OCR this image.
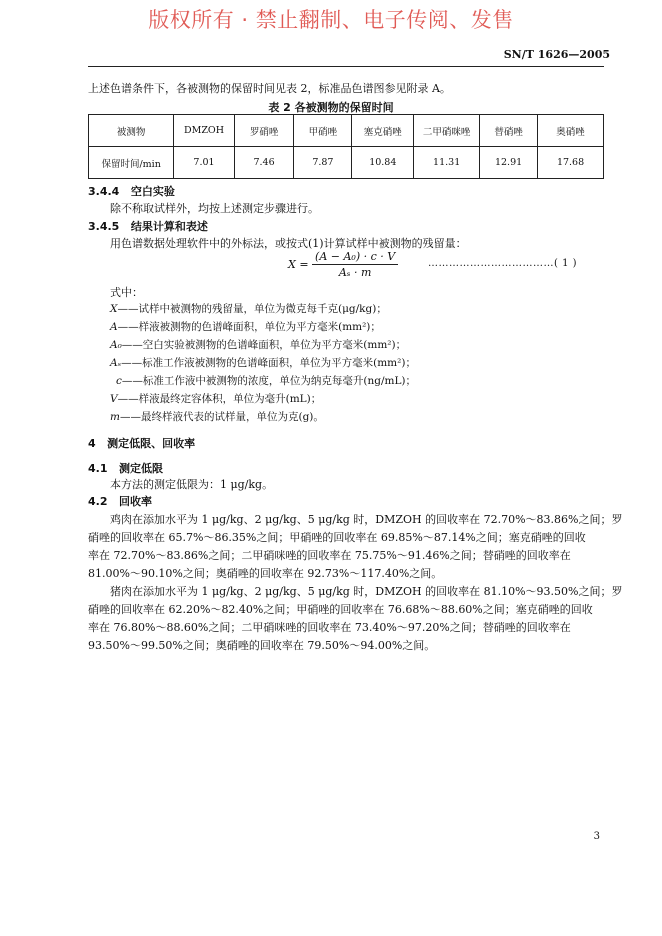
版权所有 · 禁止翻制、电子传阅、发售
SN/T 1626—2005
上述色谱条件下，各被测物的保留时间见表 2，标准品色谱图参见附录 A。
表 2 各被测物的保留时间
被测物	DMZOH	罗硝唑	甲硝唑	塞克硝唑	二甲硝咪唑	替硝唑	奥硝唑
保留时间/min	7.01	7.46	7.87	10.84	11.31	12.91	17.68
3.4.4 空白实验
除不称取试样外，均按上述测定步骤进行。
3.4.5 结果计算和表述
用色谱数据处理软件中的外标法，或按式(1)计算试样中被测物的残留量：
$X = \frac{\text{(A − A₀) · c · V}}{\text{Aₛ · m}}$	………………………………( 1 )
式中：
X——试样中被测物的残留量，单位为微克每千克(μg/kg)；
A——样液被测物的色谱峰面积，单位为平方毫米(mm²)；
A₀——空白实验被测物的色谱峰面积，单位为平方毫米(mm²)；
Aₛ——标准工作液被测物的色谱峰面积，单位为平方毫米(mm²)；
c——标准工作液中被测物的浓度，单位为纳克每毫升(ng/mL)；
V——样液最终定容体积，单位为毫升(mL)；
m——最终样液代表的试样量，单位为克(g)。
4 测定低限、回收率
4.1 测定低限
本方法的测定低限为：1 μg/kg。
4.2 回收率
鸡肉在添加水平为 1 μg/kg、2 μg/kg、5 μg/kg 时，DMZOH 的回收率在 72.70%～83.86%之间；罗
硝唑的回收率在 65.7%～86.35%之间；甲硝唑的回收率在 69.85%～87.14%之间；塞克硝唑的回收
率在 72.70%～83.86%之间；二甲硝咪唑的回收率在 75.75%～91.46%之间；替硝唑的回收率在
81.00%～90.10%之间；奥硝唑的回收率在 92.73%～117.40%之间。
猪肉在添加水平为 1 μg/kg、2 μg/kg、5 μg/kg 时，DMZOH 的回收率在 81.10%～93.50%之间；罗
硝唑的回收率在 62.20%～82.40%之间；甲硝唑的回收率在 76.68%～88.60%之间；塞克硝唑的回收
率在 76.80%～88.60%之间；二甲硝咪唑的回收率在 73.40%～97.20%之间；替硝唑的回收率在
93.50%～99.50%之间；奥硝唑的回收率在 79.50%～94.00%之间。
3
